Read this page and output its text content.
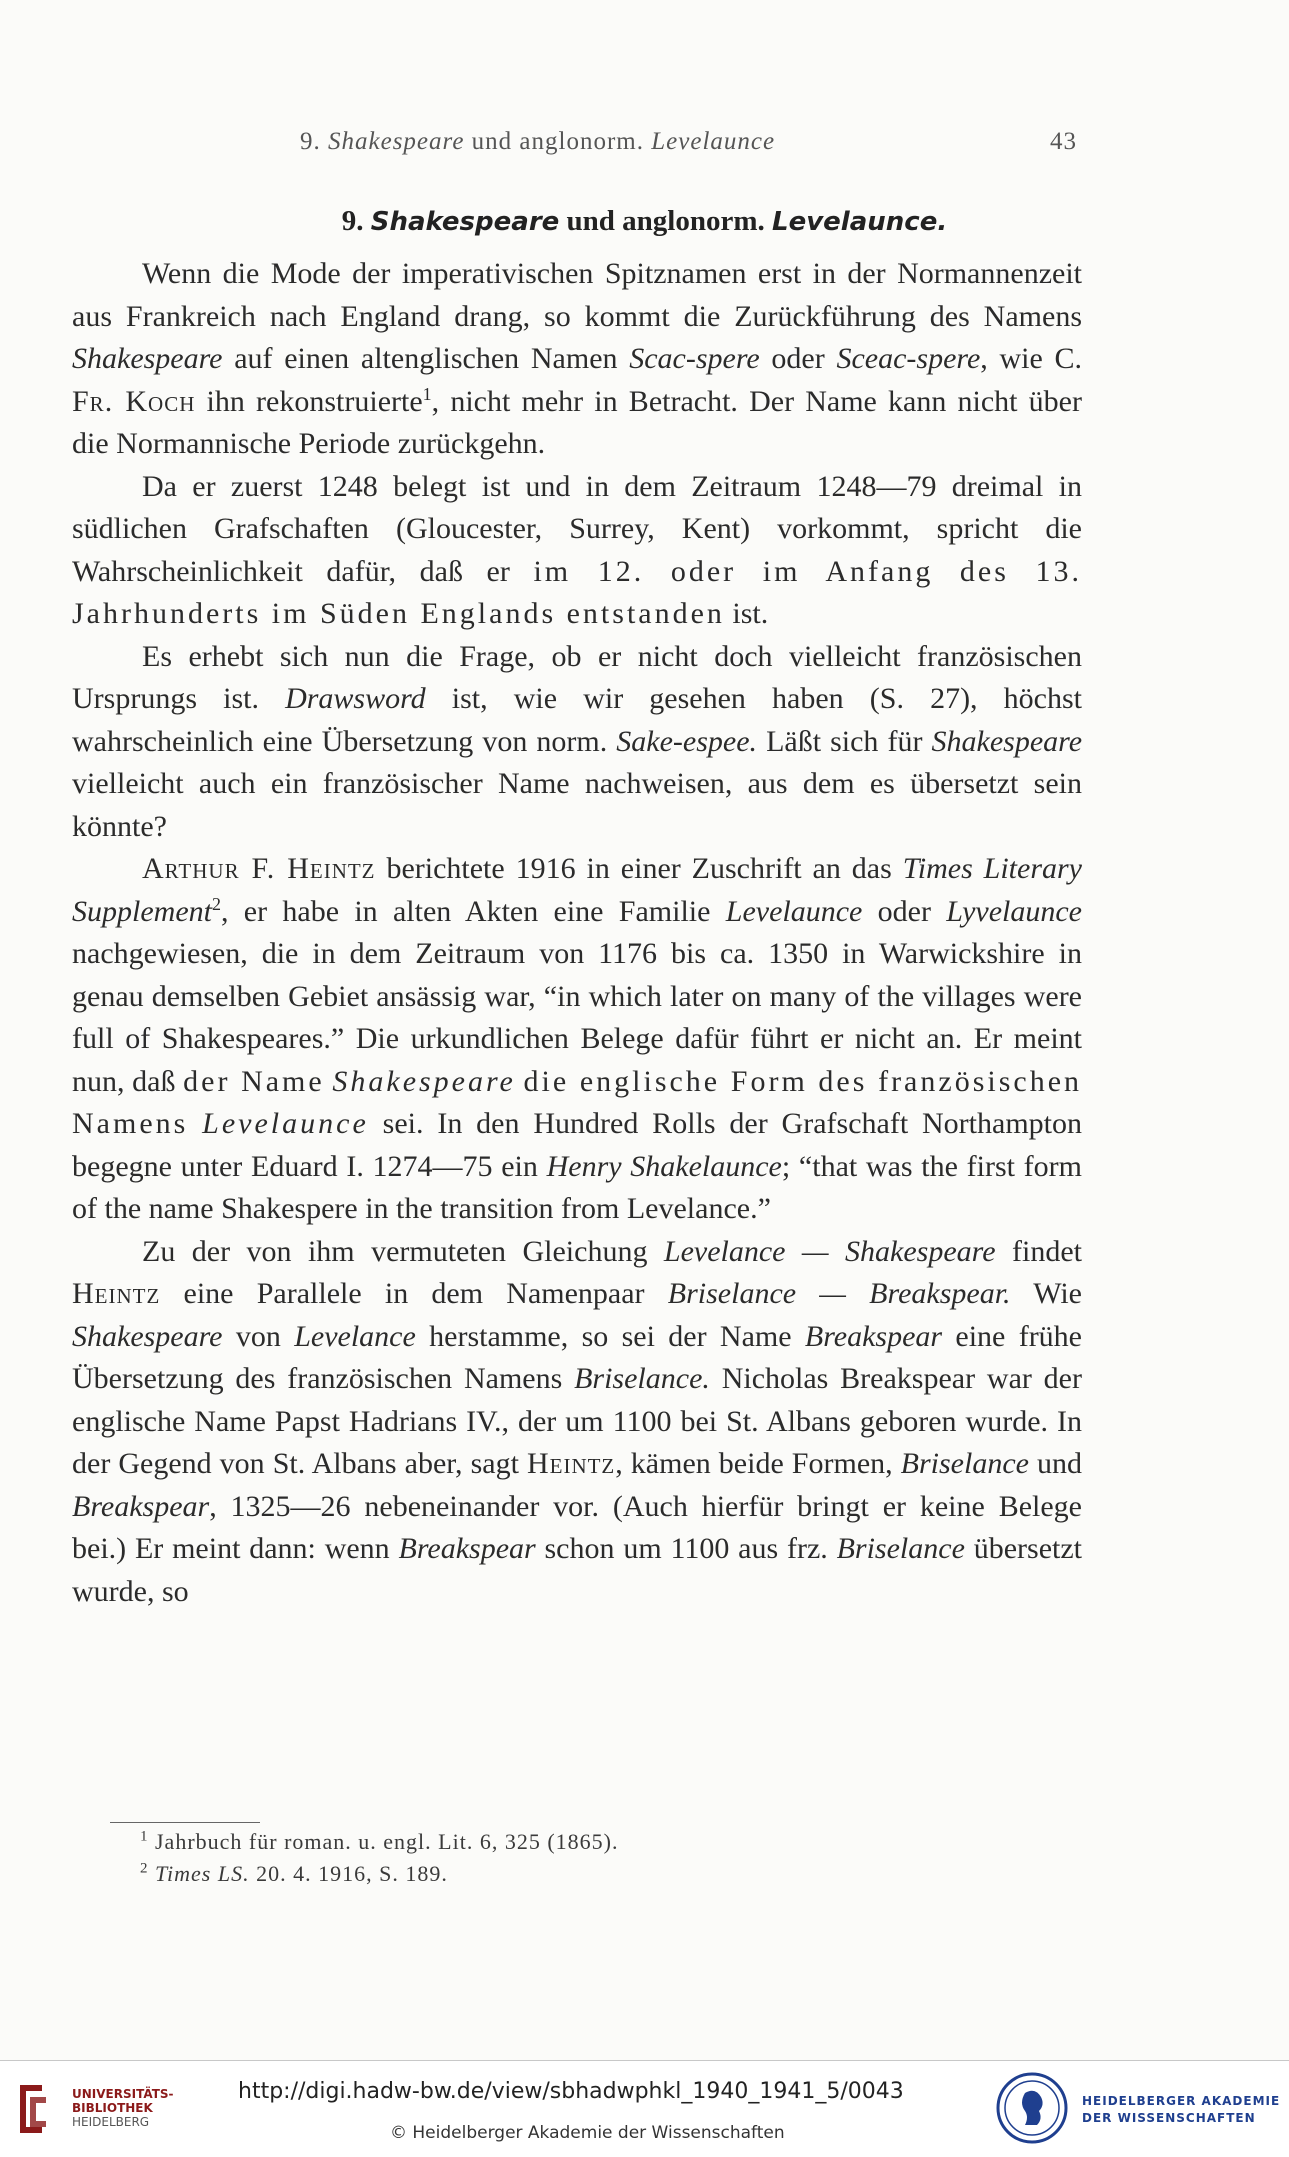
9. Shakespeare und anglonorm. Levelaunce	43
9. Shakespeare und anglonorm. Levelaunce.

Wenn die Mode der imperativischen Spitznamen erst in der Normannenzeit aus Frankreich nach England drang, so kommt die Zurückführung des Namens Shakespeare auf einen altenglischen Namen Scac-spere oder Sceac-spere, wie C. Fr. Koch ihn rekonstruierte$^1$, nicht mehr in Betracht. Der Name kann nicht über die Normannische Periode zurückgehn.

Da er zuerst 1248 belegt ist und in dem Zeitraum 1248—79 dreimal in südlichen Grafschaften (Gloucester, Surrey, Kent) vorkommt, spricht die Wahrscheinlichkeit dafür, daß er im 12. oder im Anfang des 13. Jahrhunderts im Süden Englands entstanden ist.

Es erhebt sich nun die Frage, ob er nicht doch vielleicht französischen Ursprungs ist. Drawsword ist, wie wir gesehen haben (S. 27), höchst wahrscheinlich eine Übersetzung von norm. Sake-espee. Läßt sich für Shakespeare vielleicht auch ein französischer Name nachweisen, aus dem es übersetzt sein könnte?

Arthur F. Heintz berichtete 1916 in einer Zuschrift an das Times Literary Supplement$^2$, er habe in alten Akten eine Familie Levelaunce oder Lyvelaunce nachgewiesen, die in dem Zeitraum von 1176 bis ca. 1350 in Warwickshire in genau demselben Gebiet ansässig war, “in which later on many of the villages were full of Shakespeares.” Die urkundlichen Belege dafür führt er nicht an. Er meint nun, daß der Name Shakespeare die englische Form des französischen Namens Levelaunce sei. In den Hundred Rolls der Grafschaft Northampton begegne unter Eduard I. 1274—75 ein Henry Shakelaunce; “that was the first form of the name Shakespere in the transition from Levelance.”

Zu der von ihm vermuteten Gleichung Levelance — Shakespeare findet Heintz eine Parallele in dem Namenpaar Briselance — Breakspear. Wie Shakespeare von Levelance herstamme, so sei der Name Breakspear eine frühe Übersetzung des französischen Namens Briselance. Nicholas Breakspear war der englische Name Papst Hadrians IV., der um 1100 bei St. Albans geboren wurde. In der Gegend von St. Albans aber, sagt Heintz, kämen beide Formen, Briselance und Breakspear, 1325—26 nebeneinander vor. (Auch hierfür bringt er keine Belege bei.) Er meint dann: wenn Breakspear schon um 1100 aus frz. Briselance übersetzt wurde, so

$^1$ Jahrbuch für roman. u. engl. Lit. 6, 325 (1865).
$^2$ Times LS. 20. 4. 1916, S. 189.
UNIVERSITÄTS-
BIBLIOTHEK
HEIDELBERG
http://digi.hadw-bw.de/view/sbhadwphkl_1940_1941_5/0043
© Heidelberger Akademie der Wissenschaften
HEIDELBERGER AKADEMIE
DER WISSENSCHAFTEN
